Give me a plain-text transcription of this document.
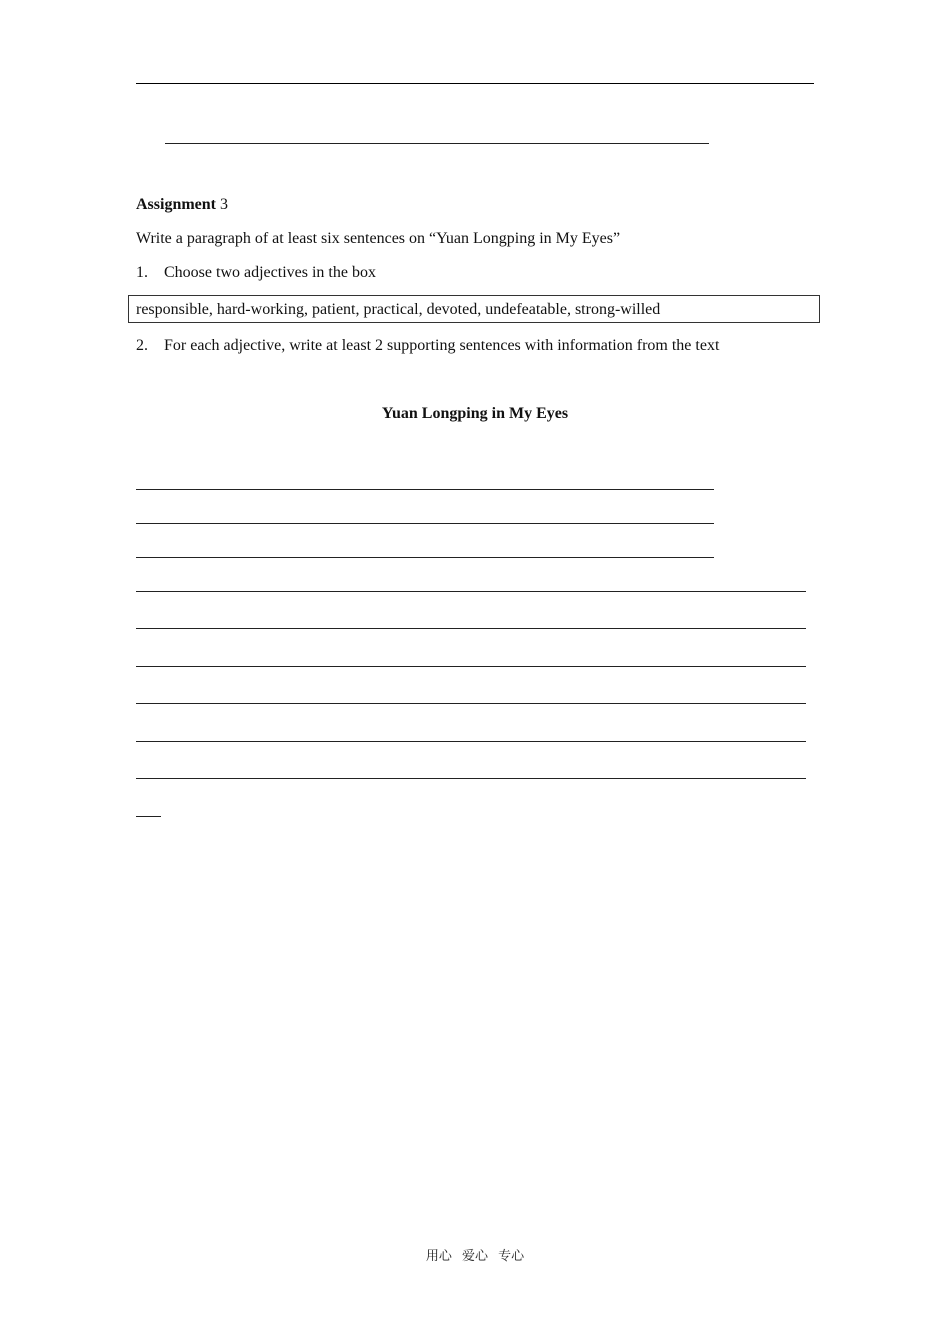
Assignment 3
Write a paragraph of at least six sentences on “Yuan Longping in My Eyes”
1. Choose two adjectives in the box
responsible, hard-working, patient, practical, devoted, undefeatable, strong-willed
2. For each adjective, write at least 2 supporting sentences with information from the text
Yuan Longping in My Eyes
用心 爱心 专心
